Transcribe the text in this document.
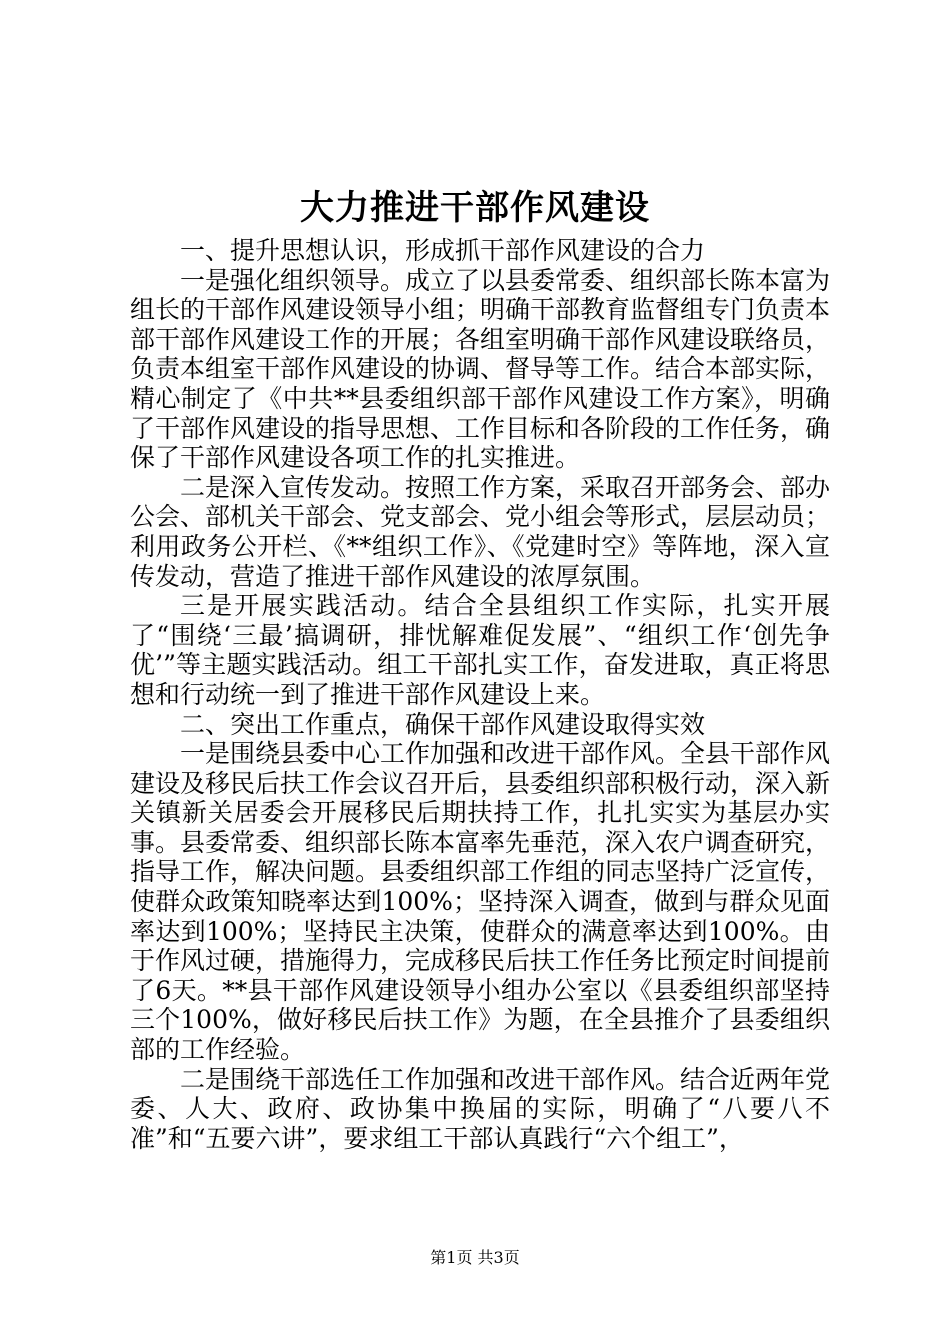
大力推进干部作风建设

一、提升思想认识，形成抓干部作风建设的合力

一是强化组织领导。成立了以县委常委、组织部长陈本富为组长的干部作风建设领导小组；明确干部教育监督组专门负责本部干部作风建设工作的开展；各组室明确干部作风建设联络员，负责本组室干部作风建设的协调、督导等工作。结合本部实际，精心制定了《中共**县委组织部干部作风建设工作方案》，明确了干部作风建设的指导思想、工作目标和各阶段的工作任务，确保了干部作风建设各项工作的扎实推进。

二是深入宣传发动。按照工作方案，采取召开部务会、部办公会、部机关干部会、党支部会、党小组会等形式，层层动员；利用政务公开栏、《**组织工作》、《党建时空》等阵地，深入宣传发动，营造了推进干部作风建设的浓厚氛围。

三是开展实践活动。结合全县组织工作实际，扎实开展了“围绕‘三最’搞调研，排忧解难促发展”、“组织工作‘创先争优’”等主题实践活动。组工干部扎实工作，奋发进取，真正将思想和行动统一到了推进干部作风建设上来。

二、突出工作重点，确保干部作风建设取得实效

一是围绕县委中心工作加强和改进干部作风。全县干部作风建设及移民后扶工作会议召开后，县委组织部积极行动，深入新关镇新关居委会开展移民后期扶持工作，扎扎实实为基层办实事。县委常委、组织部长陈本富率先垂范，深入农户调查研究，指导工作，解决问题。县委组织部工作组的同志坚持广泛宣传，使群众政策知晓率达到100%；坚持深入调查，做到与群众见面率达到100%；坚持民主决策，使群众的满意率达到100%。由于作风过硬，措施得力，完成移民后扶工作任务比预定时间提前了6天。**县干部作风建设领导小组办公室以《县委组织部坚持三个100%，做好移民后扶工作》为题，在全县推介了县委组织部的工作经验。

二是围绕干部选任工作加强和改进干部作风。结合近两年党委、人大、政府、政协集中换届的实际，明确了“八要八不准”和“五要六讲”，要求组工干部认真践行“六个组工”，

第1页 共3页
